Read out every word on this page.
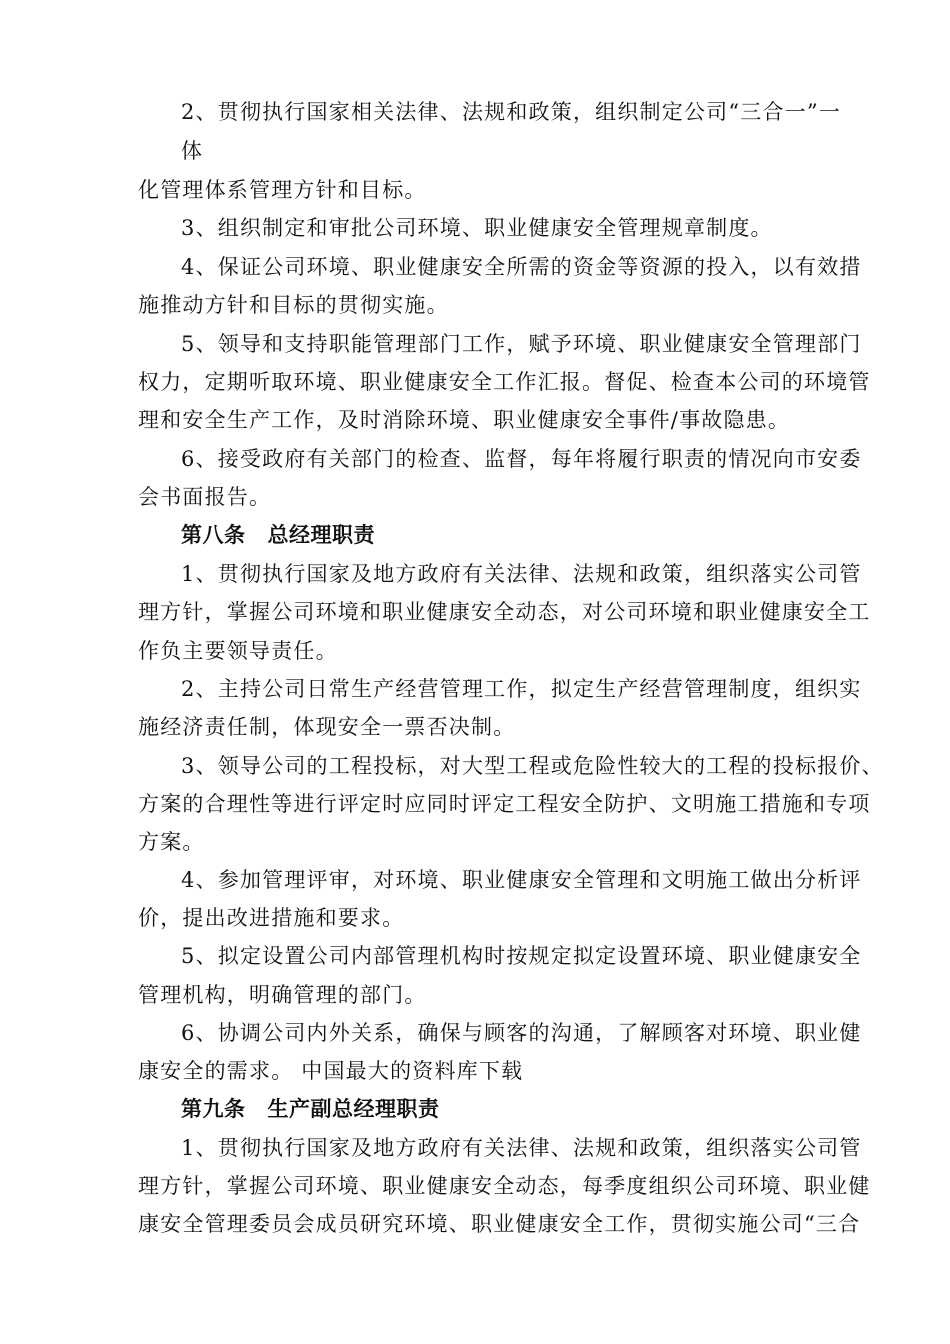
2、贯彻执行国家相关法律、法规和政策，组织制定公司“三合一”一
体
化管理体系管理方针和目标。
3、组织制定和审批公司环境、职业健康安全管理规章制度。
4、保证公司环境、职业健康安全所需的资金等资源的投入，以有效措
施推动方针和目标的贯彻实施。
5、领导和支持职能管理部门工作，赋予环境、职业健康安全管理部门
权力，定期听取环境、职业健康安全工作汇报。督促、检查本公司的环境管
理和安全生产工作，及时消除环境、职业健康安全事件/事故隐患。
6、接受政府有关部门的检查、监督，每年将履行职责的情况向市安委
会书面报告。
第八条 总经理职责
1、贯彻执行国家及地方政府有关法律、法规和政策，组织落实公司管
理方针，掌握公司环境和职业健康安全动态，对公司环境和职业健康安全工
作负主要领导责任。
2、主持公司日常生产经营管理工作，拟定生产经营管理制度，组织实
施经济责任制，体现安全一票否决制。
3、领导公司的工程投标，对大型工程或危险性较大的工程的投标报价、
方案的合理性等进行评定时应同时评定工程安全防护、文明施工措施和专项
方案。
4、参加管理评审，对环境、职业健康安全管理和文明施工做出分析评
价，提出改进措施和要求。
5、拟定设置公司内部管理机构时按规定拟定设置环境、职业健康安全
管理机构，明确管理的部门。
6、协调公司内外关系，确保与顾客的沟通，了解顾客对环境、职业健
康安全的需求。 中国最大的资料库下载
第九条 生产副总经理职责
1、贯彻执行国家及地方政府有关法律、法规和政策，组织落实公司管
理方针，掌握公司环境、职业健康安全动态，每季度组织公司环境、职业健
康安全管理委员会成员研究环境、职业健康安全工作，贯彻实施公司“三合
